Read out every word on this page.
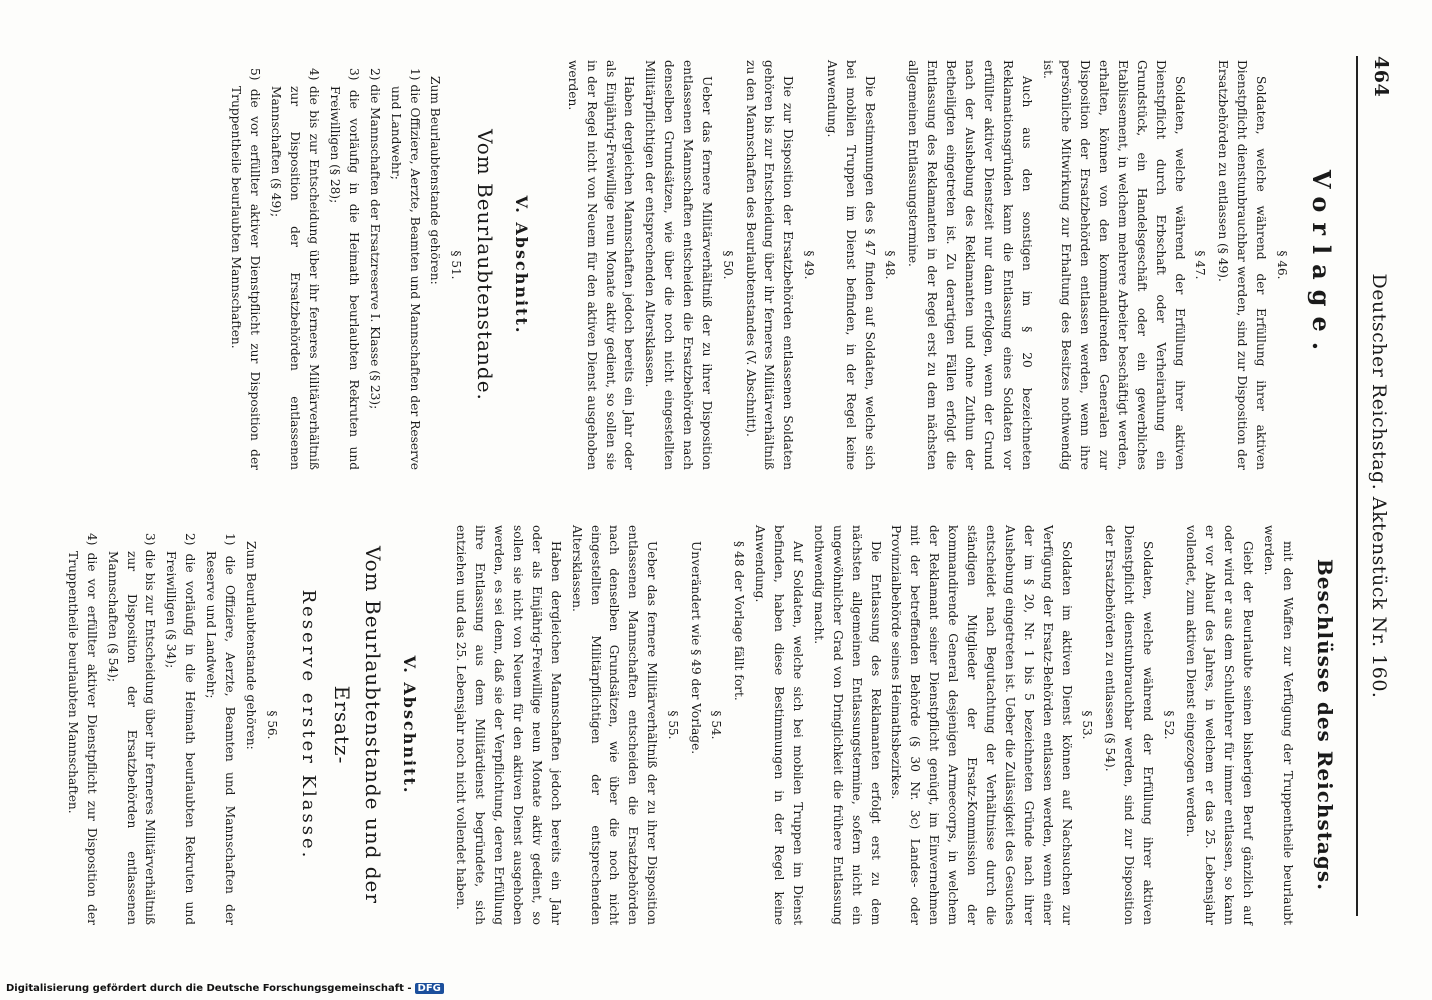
464
Deutscher Reichstag. Aktenstück Nr. 160.
Vorlage.
§ 46.
Soldaten, welche während der Erfüllung ihrer aktiven Dienstpflicht dienstunbrauchbar werden, sind zur Disposition der Ersatzbehörden zu entlassen (§ 49).
§ 47.
Soldaten, welche während der Erfüllung ihrer aktiven Dienstpflicht durch Erbschaft oder Verheirathung ein Grundstück, ein Handelsgeschäft oder ein gewerbliches Etablissement, in welchem mehrere Arbeiter beschäftigt werden, erhalten, können von den kommandirenden Generalen zur Disposition der Ersatzbehörden entlassen werden, wenn ihre persönliche Mitwirkung zur Erhaltung des Besitzes nothwendig ist.
Auch aus den sonstigen im § 20 bezeichneten Reklamationsgründen kann die Entlassung eines Soldaten vor erfüllter aktiver Dienstzeit nur dann erfolgen, wenn der Grund nach der Aushebung des Reklamanten und ohne Zuthun der Betheiligten eingetreten ist. Zu derartigen Fällen erfolgt die Entlassung des Reklamanten in der Regel erst zu dem nächsten allgemeinen Entlassungstermine.
§ 48.
Die Bestimmungen des § 47 finden auf Soldaten, welche sich bei mobilen Truppen im Dienst befinden, in der Regel keine Anwendung.
§ 49.
Die zur Disposition der Ersatzbehörden entlassenen Soldaten gehören bis zur Entscheidung über ihr ferneres Militärverhältniß zu den Mannschaften des Beurlaubtenstandes (V. Abschnitt).
§ 50.
Ueber das fernere Militärverhältniß der zu ihrer Disposition entlassenen Mannschaften entscheiden die Ersatzbehörden nach denselben Grundsätzen, wie über die noch nicht eingestellten Militärpflichtigen der entsprechenden Altersklassen.
Haben dergleichen Mannschaften jedoch bereits ein Jahr oder als Einjährig-Freiwillige neun Monate aktiv gedient, so sollen sie in der Regel nicht von Neuem für den aktiven Dienst ausgehoben werden.
V. Abschnitt.
Vom Beurlaubtenstande.
§ 51.
Zum Beurlaubtenstande gehören:
1) die Offiziere, Aerzte, Beamten und Mannschaften der Reserve und Landwehr;
2) die Mannschaften der Ersatzreserve I. Klasse (§ 23);
3) die vorläufig in die Heimath beurlaubten Rekruten und Freiwilligen (§ 28);
4) die bis zur Entscheidung über ihr ferneres Militärverhältniß zur Disposition der Ersatzbehörden entlassenen Mannschaften (§ 49);
5) die vor erfüllter aktiver Dienstpflicht zur Disposition der Truppentheile beurlaubten Mannschaften.
Beschlüsse des Reichstags.
mit den Waffen zur Verfügung der Truppentheile beurlaubt werden.
Giebt der Beurlaubte seinen bisherigen Beruf gänzlich auf oder wird er aus dem Schullehrer für immer entlassen, so kann er vor Ablauf des Jahres, in welchem er das 25. Lebensjahr vollendet, zum aktiven Dienst eingezogen werden.
§ 52.
Soldaten, welche während der Erfüllung ihrer aktiven Dienstpflicht dienstunbrauchbar werden, sind zur Disposition der Ersatzbehörden zu entlassen (§ 54).
§ 53.
Soldaten im aktiven Dienst können auf Nachsuchen zur Verfügung der Ersatz-Behörden entlassen werden, wenn einer der im § 20, Nr. 1 bis 5 bezeichneten Gründe nach ihrer Aushebung eingetreten ist. Ueber die Zulässigkeit des Gesuches entscheidet nach Begutachtung der Verhältnisse durch die ständigen Mitglieder der Ersatz-Kommission der kommandirende General desjenigen Armeecorps, in welchem der Reklamant seiner Dienstpflicht genügt, im Einvernehmen mit der betreffenden Behörde (§ 30 Nr. 3c) Landes- oder Provinzialbehörde seines Heimathsbezirkes.
Die Entlassung des Reklamanten erfolgt erst zu dem nächsten allgemeinen Entlassungstermine, sofern nicht ein ungewöhnlicher Grad von Dringlichkeit die frühere Entlassung nothwendig macht.
Auf Soldaten, welche sich bei mobilen Truppen im Dienst befinden, haben diese Bestimmungen in der Regel keine Anwendung.
§ 48 der Vorlage fällt fort.
§ 54.
Unverändert wie § 49 der Vorlage.
§ 55.
Ueber das fernere Militärverhältniß der zu ihrer Disposition entlassenen Mannschaften entscheiden die Ersatzbehörden nach denselben Grundsätzen, wie über die noch nicht eingestellten Militärpflichtigen der entsprechenden Altersklassen.
Haben dergleichen Mannschaften jedoch bereits ein Jahr oder als Einjährig-Freiwillige neun Monate aktiv gedient, so sollen sie nicht von Neuem für den aktiven Dienst ausgehoben werden, es sei denn, daß sie der Verpflichtung, deren Erfüllung ihre Entlassung aus dem Militärdienst begründete, sich entziehen und das 25. Lebensjahr noch nicht vollendet haben.
V. Abschnitt.
Vom Beurlaubtenstande und der Ersatz-
Reserve erster Klasse.
§ 56.
Zum Beurlaubtenstande gehören:
1) die Offiziere, Aerzte, Beamten und Mannschaften der Reserve und Landwehr;
2) die vorläufig in die Heimath beurlaubten Rekruten und Freiwilligen (§ 34);
3) die bis zur Entscheidung über ihr ferneres Militärverhältniß zur Disposition der Ersatzbehörden entlassenen Mannschaften (§ 54);
4) die vor erfüllter aktiver Dienstpflicht zur Disposition der Truppentheile beurlaubten Mannschaften.
Digitalisierung gefördert durch die Deutsche Forschungsgemeinschaft - DFG
